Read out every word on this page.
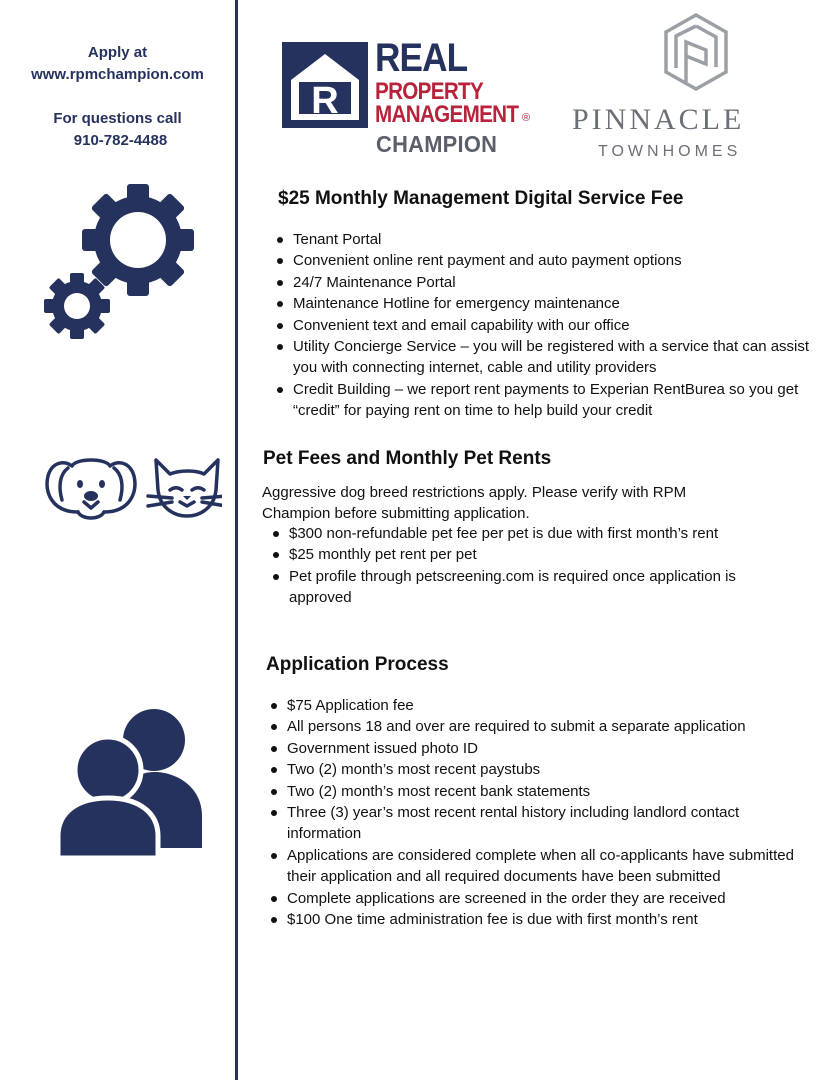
Apply at
www.rpmchampion.com
For questions call
910-782-4488
R
REAL
PROPERTY
MANAGEMENT ®
CHAMPION
PINNACLE
TOWNHOMES
$25 Monthly Management Digital Service Fee
Tenant Portal
Convenient online rent payment and auto payment options
24/7 Maintenance Portal
Maintenance Hotline for emergency maintenance
Convenient text and email capability with our office
Utility Concierge Service – you will be registered with a service that can assist you with connecting internet, cable and utility providers
Credit Building – we report rent payments to Experian RentBurea so you get “credit” for paying rent on time to help build your credit
Pet Fees and Monthly Pet Rents
Aggressive dog breed restrictions apply. Please verify with RPM Champion before submitting application.
$300 non-refundable pet fee per pet is due with first month’s rent
$25 monthly pet rent per pet
Pet profile through petscreening.com is required once application is approved
Application Process
$75 Application fee
All persons 18 and over are required to submit a separate application
Government issued photo ID
Two (2) month’s most recent paystubs
Two (2) month’s most recent bank statements
Three (3) year’s most recent rental history including landlord contact information
Applications are considered complete when all co-applicants have submitted their application and all required documents have been submitted
Complete applications are screened in the order they are received
$100 One time administration fee is due with first month’s rent
